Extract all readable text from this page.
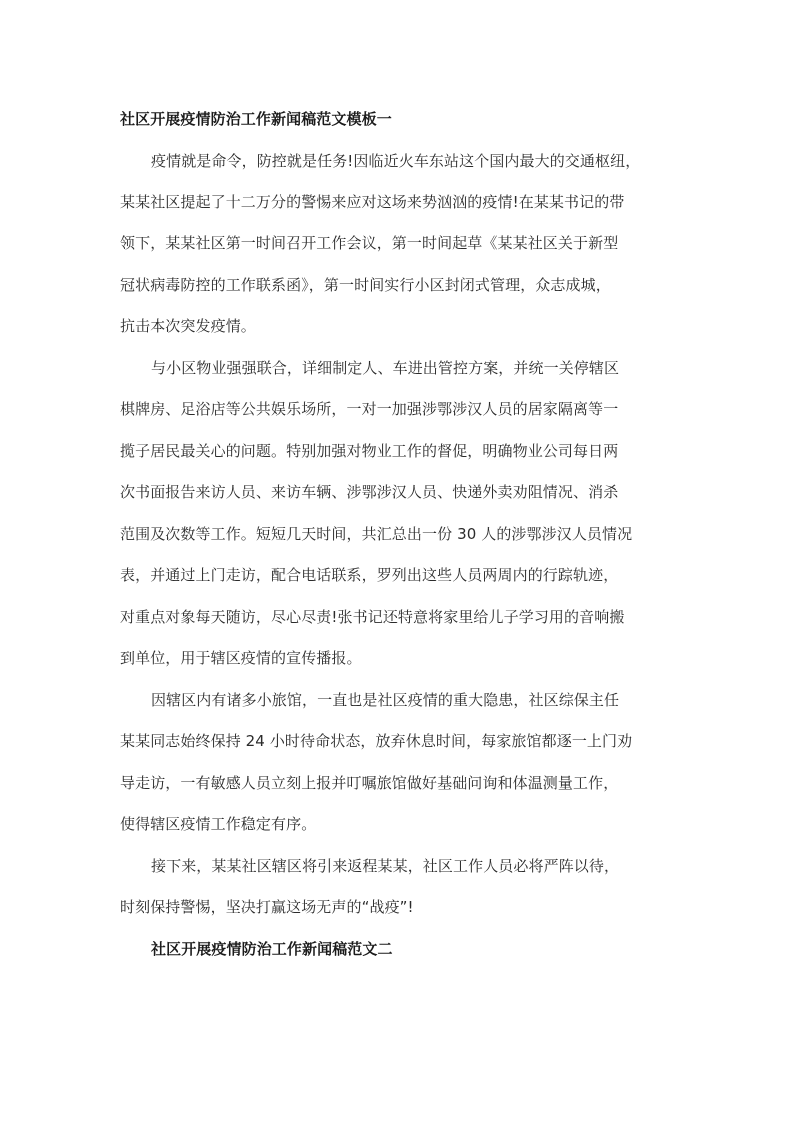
社区开展疫情防治工作新闻稿范文模板一
疫情就是命令，防控就是任务!因临近火车东站这个国内最大的交通枢纽，
某某社区提起了十二万分的警惕来应对这场来势汹汹的疫情!在某某书记的带
领下，某某社区第一时间召开工作会议，第一时间起草《某某社区关于新型
冠状病毒防控的工作联系函》，第一时间实行小区封闭式管理，众志成城，
抗击本次突发疫情。
与小区物业强强联合，详细制定人、车进出管控方案，并统一关停辖区
棋牌房、足浴店等公共娱乐场所，一对一加强涉鄂涉汉人员的居家隔离等一
揽子居民最关心的问题。特别加强对物业工作的督促，明确物业公司每日两
次书面报告来访人员、来访车辆、涉鄂涉汉人员、快递外卖劝阻情况、消杀
范围及次数等工作。短短几天时间，共汇总出一份 30 人的涉鄂涉汉人员情况
表，并通过上门走访，配合电话联系，罗列出这些人员两周内的行踪轨迹，
对重点对象每天随访，尽心尽责!张书记还特意将家里给儿子学习用的音响搬
到单位，用于辖区疫情的宣传播报。
因辖区内有诸多小旅馆，一直也是社区疫情的重大隐患，社区综保主任
某某同志始终保持 24 小时待命状态，放弃休息时间，每家旅馆都逐一上门劝
导走访，一有敏感人员立刻上报并叮嘱旅馆做好基础问询和体温测量工作，
使得辖区疫情工作稳定有序。
接下来，某某社区辖区将引来返程某某，社区工作人员必将严阵以待，
时刻保持警惕，坚决打赢这场无声的“战疫”!
社区开展疫情防治工作新闻稿范文二
